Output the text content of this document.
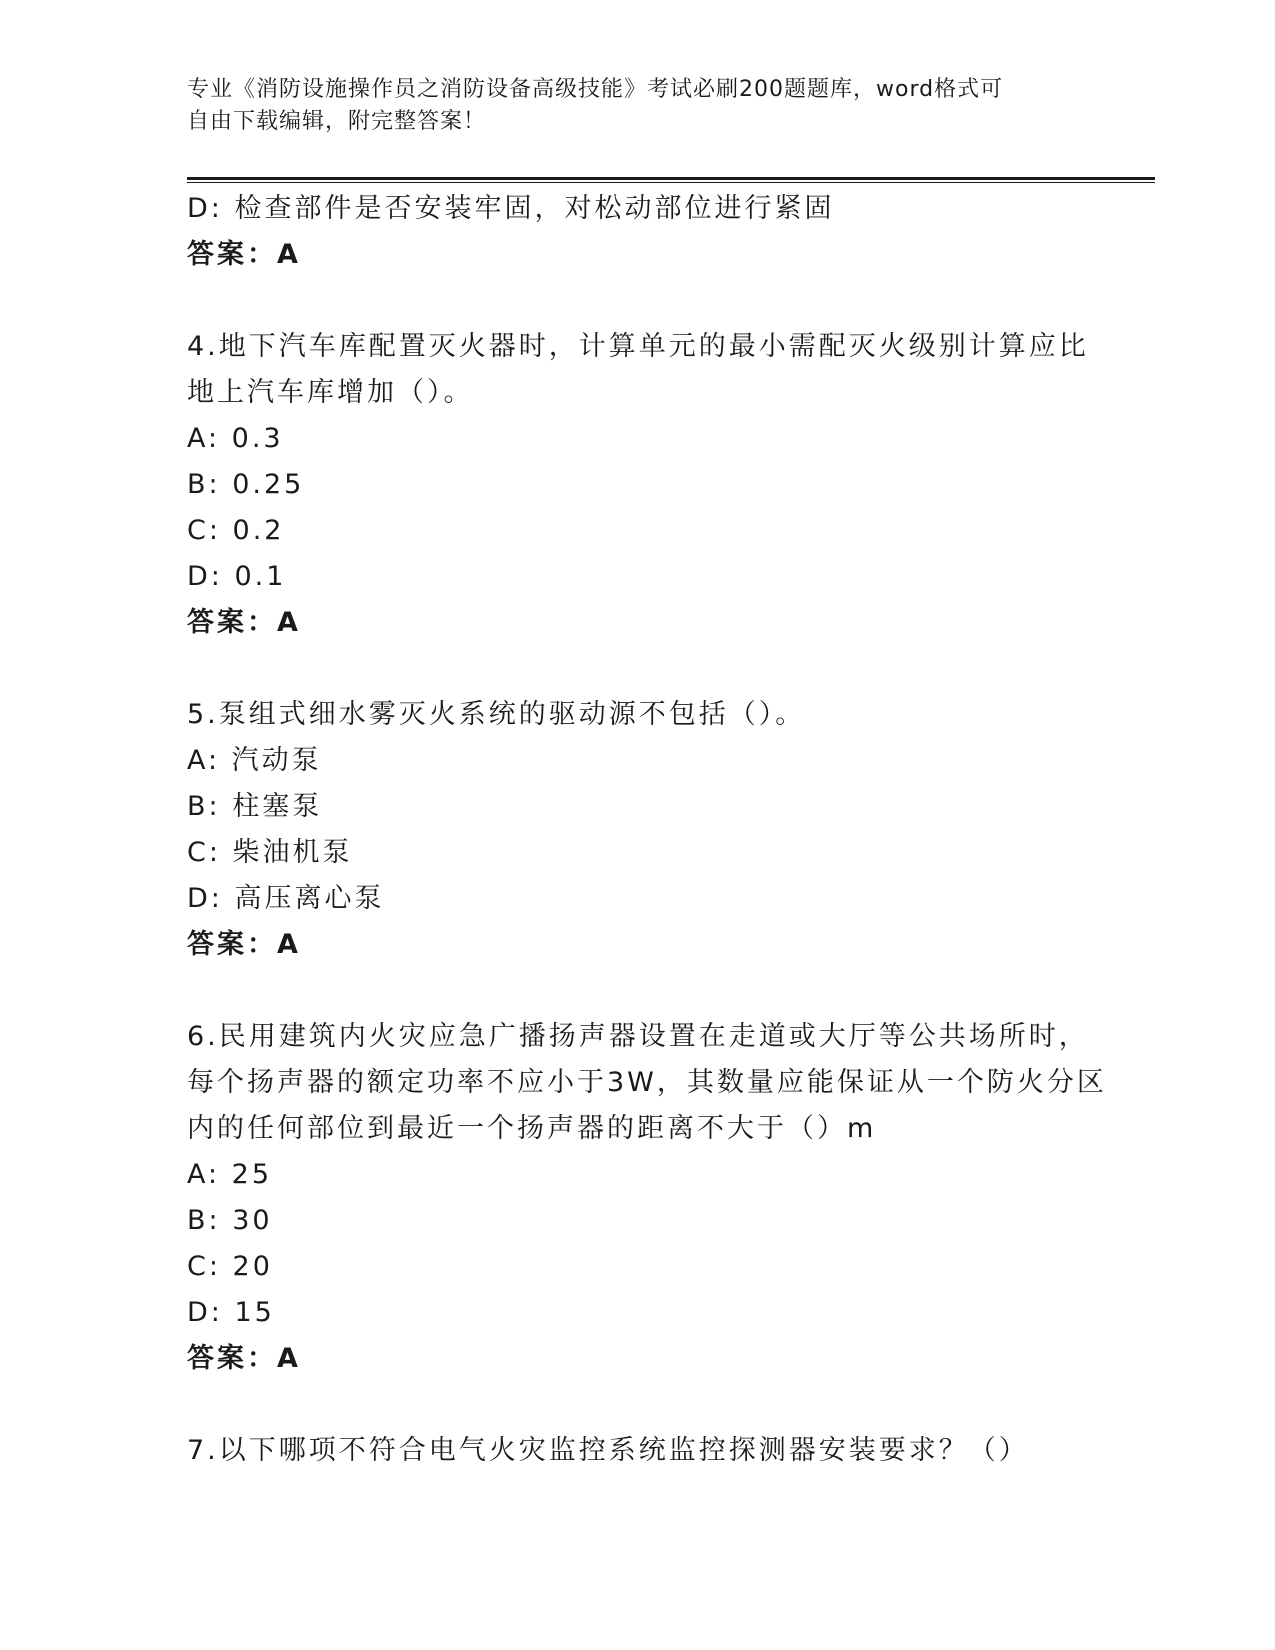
专业《消防设施操作员之消防设备高级技能》考试必刷200题题库，word格式可
自由下载编辑，附完整答案！
D: 检查部件是否安装牢固，对松动部位进行紧固
答案：A
4.地下汽车库配置灭火器时，计算单元的最小需配灭火级别计算应比
地上汽车库增加（）。
A: 0.3
B: 0.25
C: 0.2
D: 0.1
答案：A
5.泵组式细水雾灭火系统的驱动源不包括（）。
A: 汽动泵
B: 柱塞泵
C: 柴油机泵
D: 高压离心泵
答案：A
6.民用建筑内火灾应急广播扬声器设置在走道或大厅等公共场所时，
每个扬声器的额定功率不应小于3W，其数量应能保证从一个防火分区
内的任何部位到最近一个扬声器的距离不大于（）m
A: 25
B: 30
C: 20
D: 15
答案：A
7.以下哪项不符合电气火灾监控系统监控探测器安装要求？（）
